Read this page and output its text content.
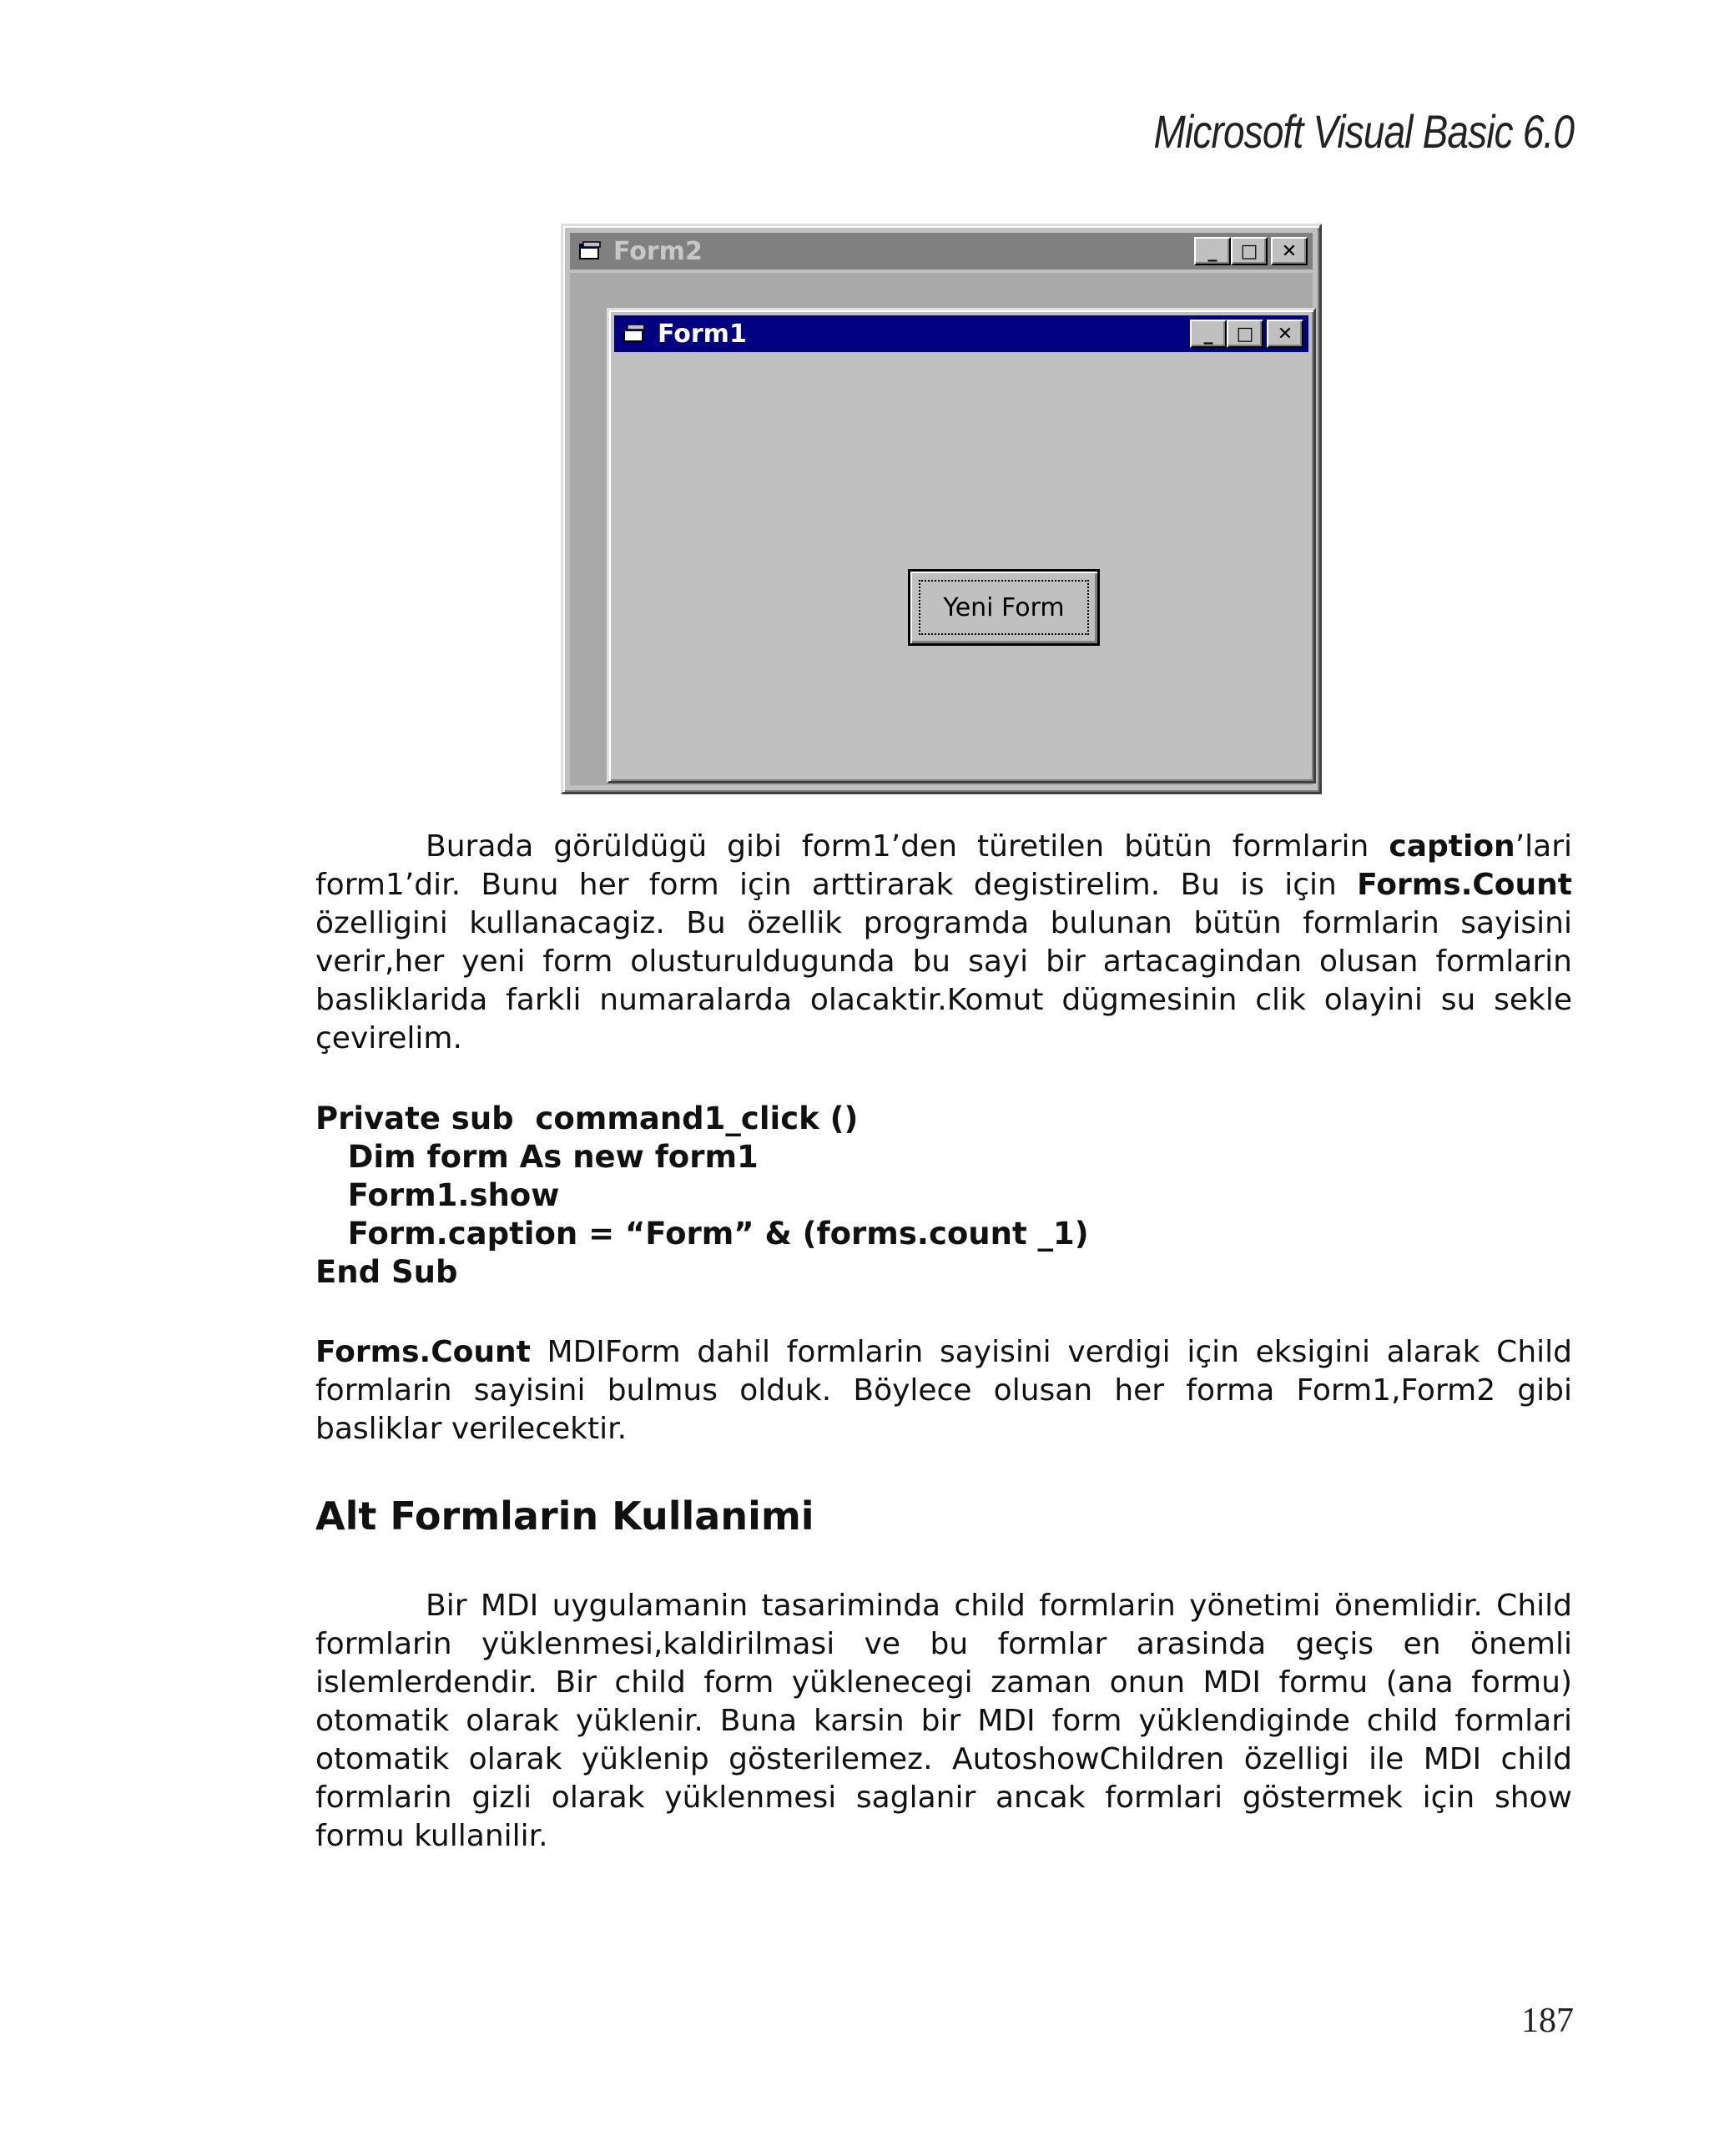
Microsoft Visual Basic 6.0
Form2	_ □ ✕
Form1	_ □ ✕
Yeni Form

Burada görüldügü gibi form1’den türetilen bütün formlarin caption’lari form1’dir. Bunu her form için arttirarak degistirelim. Bu is için Forms.Count özelligini kullanacagiz. Bu özellik programda bulunan bütün formlarin sayisini verir,her yeni form olusturuldugunda bu sayi bir artacagindan olusan formlarin basliklarida farkli numaralarda olacaktir.Komut dügmesinin clik olayini su sekle çevirelim.

Private sub  command1_click ()
Dim form As new form1
Form1.show
Form.caption = “Form” & (forms.count _1)
End Sub

Forms.Count MDIForm dahil formlarin sayisini verdigi için eksigini alarak Child formlarin sayisini bulmus olduk. Böylece olusan her forma Form1,Form2 gibi basliklar verilecektir.

Alt Formlarin Kullanimi

Bir MDI uygulamanin tasariminda child formlarin yönetimi önemlidir. Child formlarin yüklenmesi,kaldirilmasi ve bu formlar arasinda geçis en önemli islemlerdendir. Bir child form yüklenecegi zaman onun MDI formu (ana formu) otomatik olarak yüklenir. Buna karsin bir MDI form yüklendiginde child formlari otomatik olarak yüklenip gösterilemez. AutoshowChildren özelligi ile MDI child formlarin gizli olarak yüklenmesi saglanir ancak formlari göstermek için show formu kullanilir.

187
